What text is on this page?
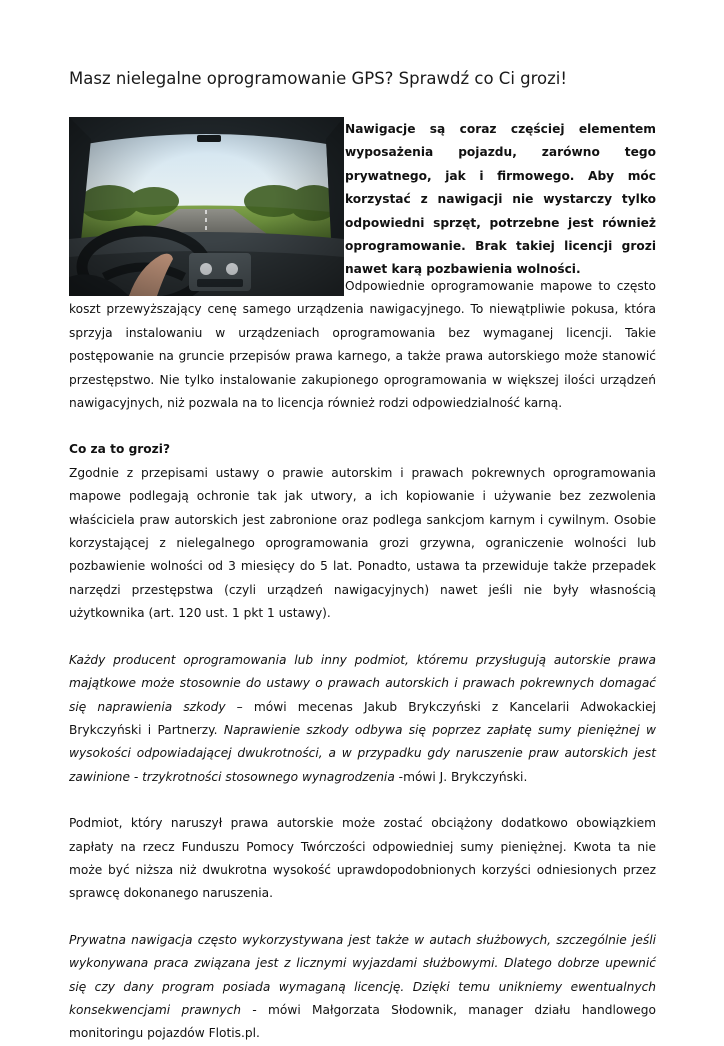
Masz nielegalne oprogramowanie GPS? Sprawdź co Ci grozi!

Nawigacje są coraz częściej elementem wyposażenia pojazdu, zarówno tego prywatnego, jak i firmowego. Aby móc korzystać z nawigacji nie wystarczy tylko odpowiedni sprzęt, potrzebne jest również oprogramowanie. Brak takiej licencji grozi nawet karą pozbawienia wolności.

Odpowiednie oprogramowanie mapowe to często koszt przewyższający cenę samego urządzenia nawigacyjnego. To niewątpliwie pokusa, która sprzyja instalowaniu w urządzeniach oprogramowania bez wymaganej licencji. Takie postępowanie na gruncie przepisów prawa karnego, a także prawa autorskiego może stanowić przestępstwo. Nie tylko instalowanie zakupionego oprogramowania w większej ilości urządzeń nawigacyjnych, niż pozwala na to licencja również rodzi odpowiedzialność karną.

Co za to grozi?

Zgodnie z przepisami ustawy o prawie autorskim i prawach pokrewnych oprogramowania mapowe podlegają ochronie tak jak utwory, a ich kopiowanie i używanie bez zezwolenia właściciela praw autorskich jest zabronione oraz podlega sankcjom karnym i cywilnym. Osobie korzystającej z nielegalnego oprogramowania grozi grzywna, ograniczenie wolności lub pozbawienie wolności od 3 miesięcy do 5 lat. Ponadto, ustawa ta przewiduje także przepadek narzędzi przestępstwa (czyli urządzeń nawigacyjnych) nawet jeśli nie były własnością użytkownika (art. 120 ust. 1 pkt 1 ustawy).

Każdy producent oprogramowania lub inny podmiot, któremu przysługują autorskie prawa majątkowe może stosownie do ustawy o prawach autorskich i prawach pokrewnych domagać się naprawienia szkody – mówi mecenas Jakub Brykczyński z Kancelarii Adwokackiej Brykczyński i Partnerzy. Naprawienie szkody odbywa się poprzez zapłatę sumy pieniężnej w wysokości odpowiadającej dwukrotności, a w przypadku gdy naruszenie praw autorskich jest zawinione - trzykrotności stosownego wynagrodzenia -mówi J. Brykczyński.

Podmiot, który naruszył prawa autorskie może zostać obciążony dodatkowo obowiązkiem zapłaty na rzecz Funduszu Pomocy Twórczości odpowiedniej sumy pieniężnej. Kwota ta nie może być niższa niż dwukrotna wysokość uprawdopodobnionych korzyści odniesionych przez sprawcę dokonanego naruszenia.

Prywatna nawigacja często wykorzystywana jest także w autach służbowych, szczególnie jeśli wykonywana praca związana jest z licznymi wyjazdami służbowymi. Dlatego dobrze upewnić się czy dany program posiada wymaganą licencję. Dzięki temu unikniemy ewentualnych konsekwencjami prawnych - mówi Małgorzata Słodownik, manager działu handlowego monitoringu pojazdów Flotis.pl.
